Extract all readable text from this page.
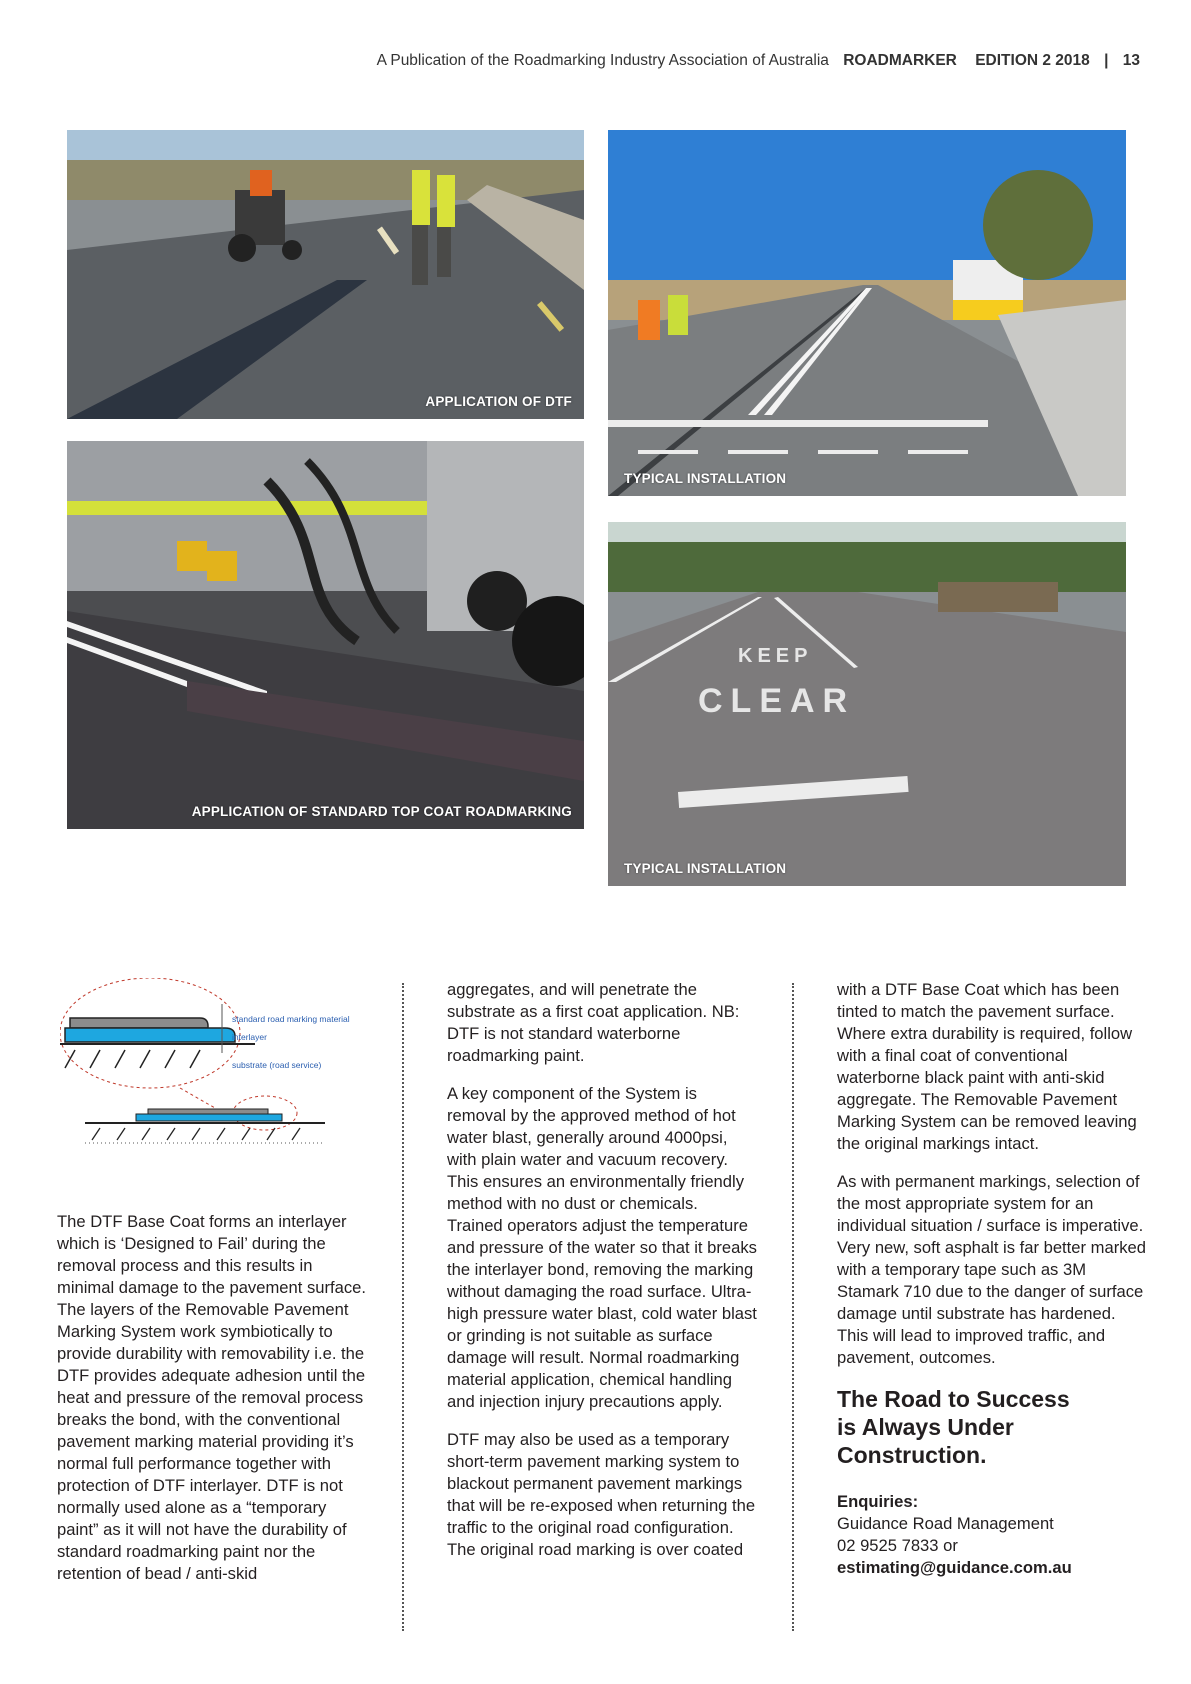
A Publication of the Roadmarking Industry Association of Australia ROADMARKER EDITION 2 2018 | 13
APPLICATION OF DTF
TYPICAL INSTALLATION
APPLICATION OF STANDARD TOP COAT ROADMARKING
KEEP
CLEAR
TYPICAL INSTALLATION
standard road marking material
interlayer
substrate (road service)

The DTF Base Coat forms an interlayer which is ‘Designed to Fail’ during the removal process and this results in minimal damage to the pavement surface. The layers of the Removable Pavement Marking System work symbiotically to provide durability with removability i.e. the DTF provides adequate adhesion until the heat and pressure of the removal process breaks the bond, with the conventional pavement marking material providing it’s normal full performance together with protection of DTF interlayer. DTF is not normally used alone as a “temporary paint” as it will not have the durability of standard roadmarking paint nor the retention of bead / anti-skid

aggregates, and will penetrate the substrate as a first coat application. NB: DTF is not standard waterborne roadmarking paint.

A key component of the System is removal by the approved method of hot water blast, generally around 4000psi, with plain water and vacuum recovery. This ensures an environmentally friendly method with no dust or chemicals. Trained operators adjust the temperature and pressure of the water so that it breaks the interlayer bond, removing the marking without damaging the road surface. Ultra-high pressure water blast, cold water blast or grinding is not suitable as surface damage will result. Normal roadmarking material application, chemical handling and injection injury precautions apply.

DTF may also be used as a temporary short-term pavement marking system to blackout permanent pavement markings that will be re-exposed when returning the traffic to the original road configuration. The original road marking is over coated

with a DTF Base Coat which has been tinted to match the pavement surface. Where extra durability is required, follow with a final coat of conventional waterborne black paint with anti-skid aggregate. The Removable Pavement Marking System can be removed leaving the original markings intact.

As with permanent markings, selection of the most appropriate system for an individual situation / surface is imperative. Very new, soft asphalt is far better marked with a temporary tape such as 3M Stamark 710 due to the danger of surface damage until substrate has hardened. This will lead to improved traffic, and pavement, outcomes.

The Road to Success
is Always Under
Construction.
Enquiries:
Guidance Road Management
02 9525 7833 or
estimating@guidance.com.au
